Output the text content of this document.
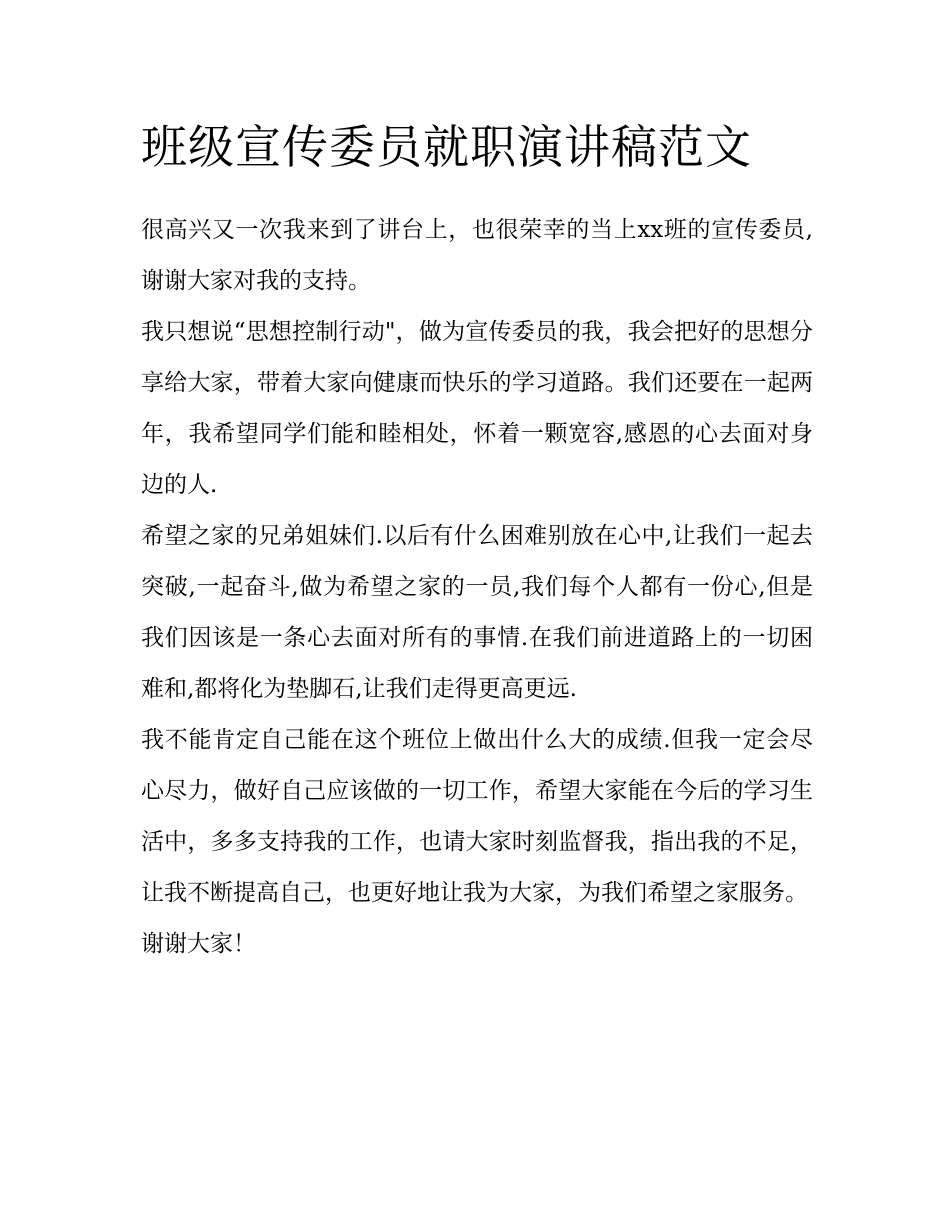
班级宣传委员就职演讲稿范文

很高兴又一次我来到了讲台上，也很荣幸的当上xx班的宣传委员,谢谢大家对我的支持。

我只想说“思想控制行动"，做为宣传委员的我，我会把好的思想分享给大家，带着大家向健康而快乐的学习道路。我们还要在一起两年，我希望同学们能和睦相处，怀着一颗宽容,感恩的心去面对身边的人.

希望之家的兄弟姐妹们.以后有什么困难别放在心中,让我们一起去突破,一起奋斗,做为希望之家的一员,我们每个人都有一份心,但是我们因该是一条心去面对所有的事情.在我们前进道路上的一切困难和,都将化为垫脚石,让我们走得更高更远.

我不能肯定自己能在这个班位上做出什么大的成绩.但我一定会尽心尽力，做好自己应该做的一切工作，希望大家能在今后的学习生活中，多多支持我的工作，也请大家时刻监督我，指出我的不足，让我不断提高自己，也更好地让我为大家，为我们希望之家服务。

谢谢大家！
